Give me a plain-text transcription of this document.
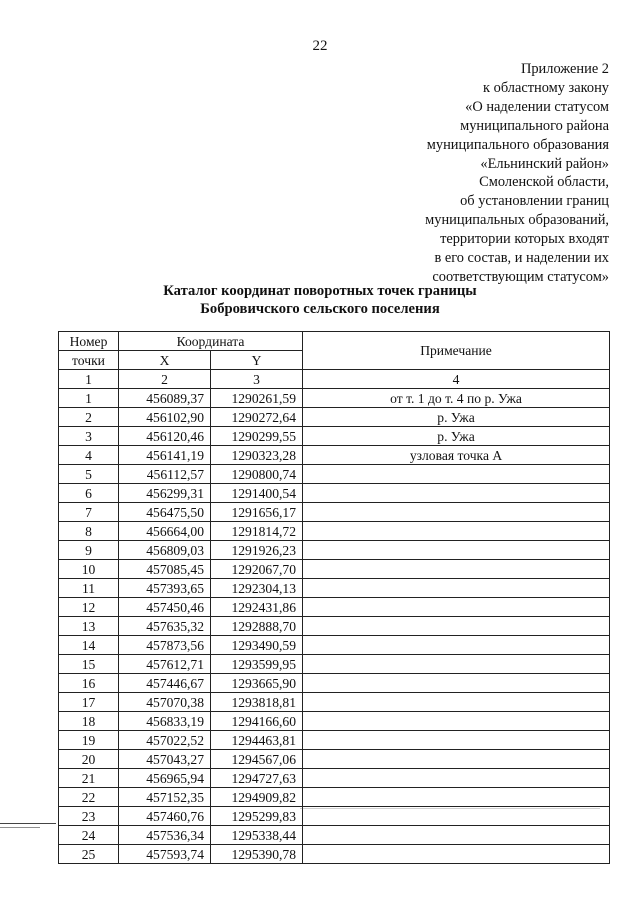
22
Приложение 2
к областному закону
«О наделении статусом
муниципального района
муниципального образования
«Ельнинский район»
Смоленской области,
об установлении границ
муниципальных образований,
территории которых входят
в его состав, и наделении их
соответствующим статусом»
Каталог координат поворотных точек границы
Бобровичского сельского поселения
Номер	Координата		Примечание
точки	X	Y	
1	2	3	4
1	456089,37	1290261,59	от т. 1 до т. 4 по р. Ужа
2	456102,90	1290272,64	р. Ужа
3	456120,46	1290299,55	р. Ужа
4	456141,19	1290323,28	узловая точка А
5	456112,57	1290800,74	
6	456299,31	1291400,54	
7	456475,50	1291656,17	
8	456664,00	1291814,72	
9	456809,03	1291926,23	
10	457085,45	1292067,70	
11	457393,65	1292304,13	
12	457450,46	1292431,86	
13	457635,32	1292888,70	
14	457873,56	1293490,59	
15	457612,71	1293599,95	
16	457446,67	1293665,90	
17	457070,38	1293818,81	
18	456833,19	1294166,60	
19	457022,52	1294463,81	
20	457043,27	1294567,06	
21	456965,94	1294727,63	
22	457152,35	1294909,82	
23	457460,76	1295299,83	
24	457536,34	1295338,44	
25	457593,74	1295390,78	
